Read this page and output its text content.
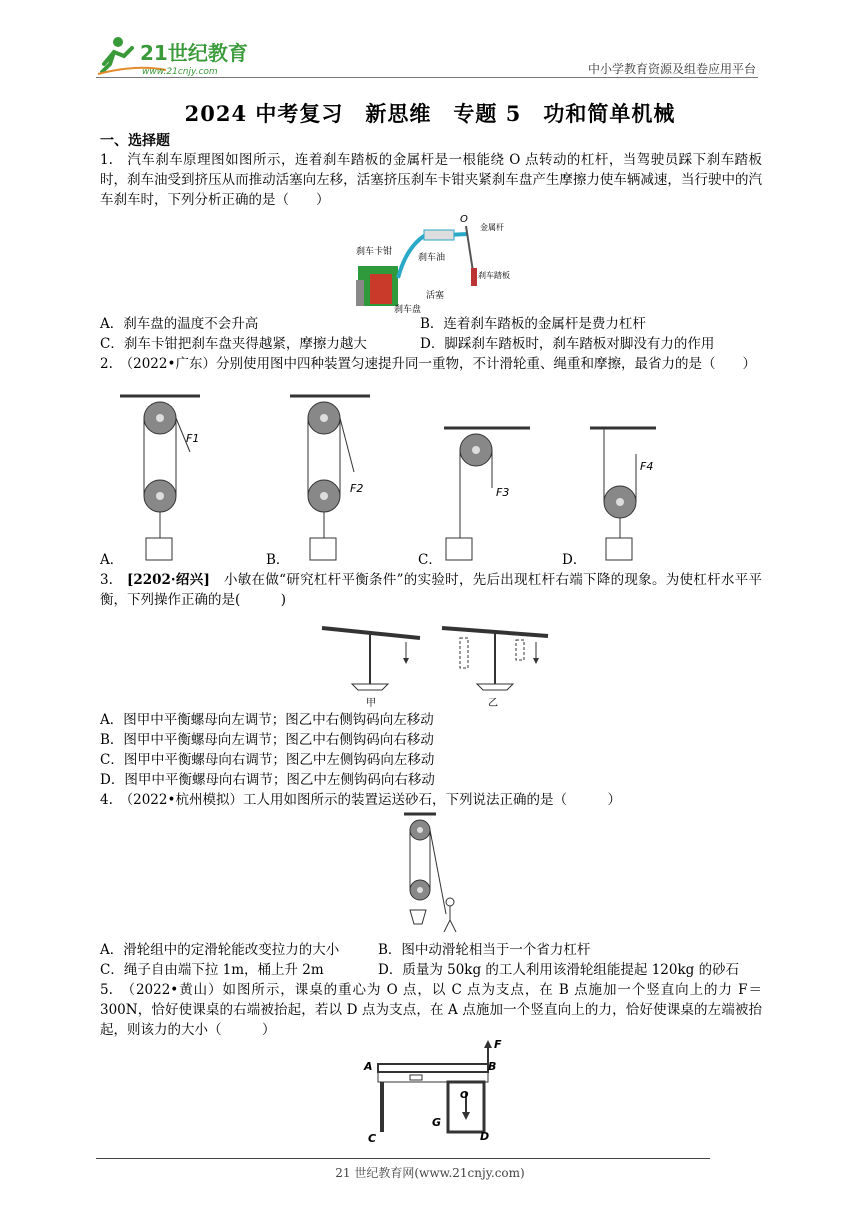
21世纪教育
www.21cnjy.com	中小学教育资源及组卷应用平台
2024 中考复习　新思维　专题 5　功和简单机械
一、选择题
1.　汽车刹车原理图如图所示，连着刹车踏板的金属杆是一根能绕 O 点转动的杠杆，当驾驶员踩下刹车踏板时，刹车油受到挤压从而推动活塞向左移，活塞挤压刹车卡钳夹紧刹车盘产生摩擦力使车辆减速，当行驶中的汽车刹车时，下列分析正确的是（　　）
刹车卡钳
刹车油
O
金属杆
刹车踏板
活塞
刹车盘
A．刹车盘的温度不会升高	B．连着刹车踏板的金属杆是费力杠杆
C．刹车卡钳把刹车盘夹得越紧，摩擦力越大	D．脚踩刹车踏板时，刹车踏板对脚没有力的作用
2.　（2022•广东）分别使用图中四种装置匀速提升同一重物，不计滑轮重、绳重和摩擦，最省力的是（　　）
F1
F2	F3
F4
A．	B．	C．	D．
3.　[2202·绍兴]　小敏在做“研究杠杆平衡条件”的实验时，先后出现杠杆右端下降的现象。为使杠杆水平平衡，下列操作正确的是(　　　)
甲	乙
A．图甲中平衡螺母向左调节；图乙中右侧钩码向左移动
B．图甲中平衡螺母向左调节；图乙中右侧钩码向右移动
C．图甲中平衡螺母向右调节；图乙中左侧钩码向左移动
D．图甲中平衡螺母向右调节；图乙中左侧钩码向右移动
4.　（2022•杭州模拟）工人用如图所示的装置运送砂石，下列说法正确的是（　　　）
A．滑轮组中的定滑轮能改变拉力的大小	B．图中动滑轮相当于一个省力杠杆
C．绳子自由端下拉 1m，桶上升 2m	D．质量为 50kg 的工人利用该滑轮组能提起 120kg 的砂石
5.　（2022•黄山）如图所示，课桌的重心为 O 点，以 C 点为支点，在 B 点施加一个竖直向上的力 F＝300N，恰好使课桌的右端被抬起，若以 D 点为支点，在 A 点施加一个竖直向上的力，恰好使课桌的左端被抬起，则该力的大小（　　　）
A	B
C	D
F
G
O
21 世纪教育网(www.21cnjy.com)
